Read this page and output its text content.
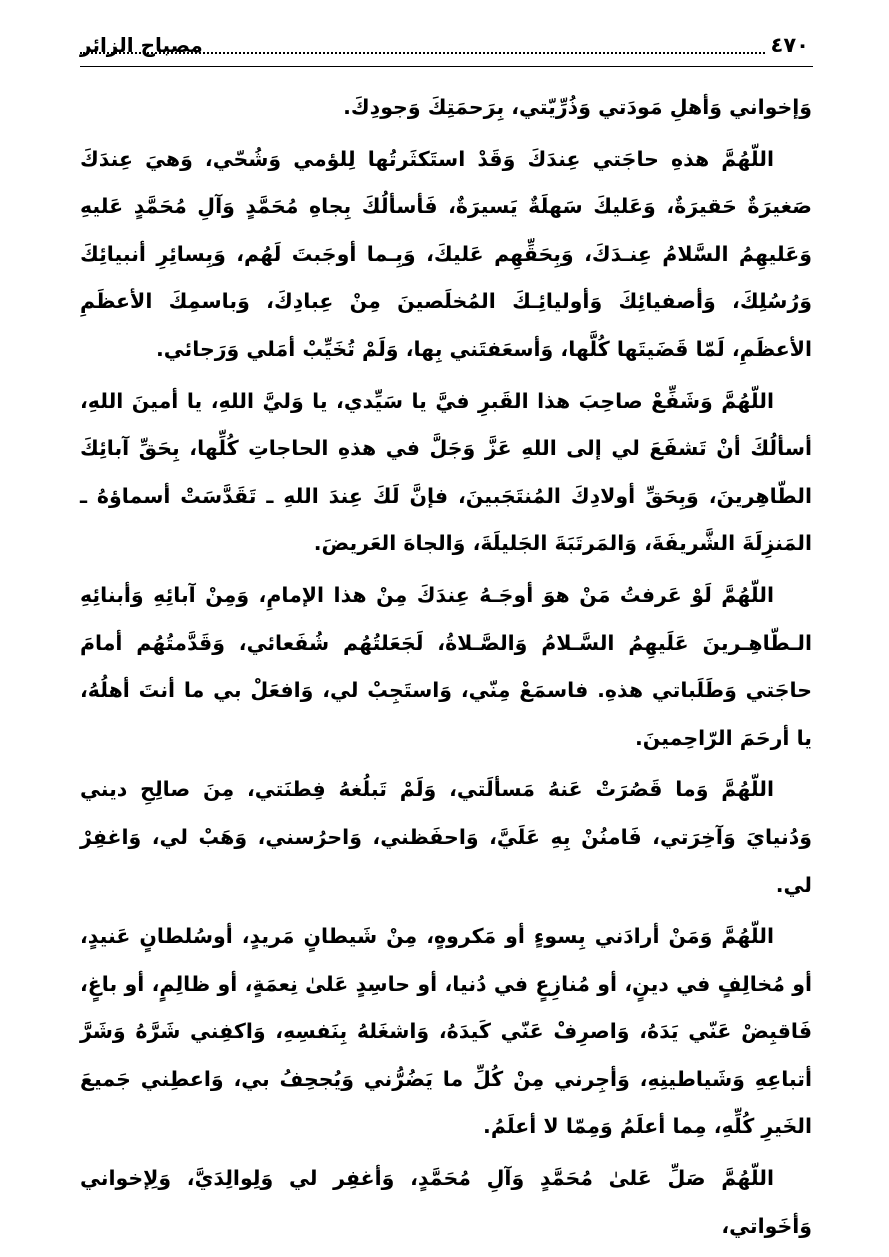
٤٧٠
مصباح الزائر

وَإخواني وَأهلِ مَودَتي وَذُرِّيّتي، بِرَحمَتِكَ وَجودِكَ.

اللّهُمَّ هذهِ حاجَتي عِندَكَ وَقَدْ استَكثَرتُها لِلؤمي وَشُحّي، وَهيَ عِندَكَ صَغيرَةٌ حَقيرَةٌ، وَعَليكَ سَهلَةٌ يَسيرَةٌ، فَأسألُكَ بِجاهِ مُحَمَّدٍ وَآلِ مُحَمَّدٍ عَليهِ وَعَليهِمُ السَّلامُ عِنـدَكَ، وَبِحَقِّهِم عَليكَ، وَبِـما أوجَبتَ لَهُم، وَبِسائِرِ أنبيائِكَ وَرُسُلِكَ، وَأصفيائِكَ وَأوليائِـكَ المُخلَصينَ مِنْ عِبادِكَ، وَباسمِكَ الأعظَمِ الأعظَمِ، لَمّا قَضَيتَها كُلَّها، وَأسعَفتَني بِها، وَلَمْ تُخَيِّبْ أمَلي وَرَجائي.

اللّهُمَّ وَشَفِّعْ صاحِبَ هذا القَبرِ فيَّ يا سَيِّدي، يا وَليَّ اللهِ، يا أمينَ اللهِ، أسألُكَ أنْ تَشفَعَ لي إلى اللهِ عَزَّ وَجَلَّ في هذهِ الحاجاتِ كُلِّها، بِحَقِّ آبائِكَ الطّاهِرينَ، وَبِحَقِّ أولادِكَ المُنتَجَبينَ، فإنَّ لَكَ عِندَ اللهِ ـ تَقَدَّسَتْ أسماؤهُ ـ المَنزِلَةَ الشَّريفَةَ، وَالمَرتَبَةَ الجَليلَةَ، وَالجاهَ العَريضَ.

اللّهُمَّ لَوْ عَرفتُ مَنْ هوَ أوجَـهُ عِندَكَ مِنْ هذا الإمامِ، وَمِنْ آبائِهِ وَأبنائِهِ الـطّاهِـرينَ عَلَيهِمُ السَّـلامُ وَالصَّـلاةُ، لَجَعَلتُهُم شُفَعائي، وَقَدَّمتُهُم أمامَ حاجَتي وَطَلَباتي هذهِ. فاسمَعْ مِنّي، وَاستَجِبْ لي، وَافعَلْ بي ما أنتَ أهلُهُ، يا أرحَمَ الرّاحِمينَ.

اللّهُمَّ وَما قَصُرَتْ عَنهُ مَسألَتي، وَلَمْ تَبلُغهُ فِطنَتي، مِنَ صالِحِ ديني وَدُنيايَ وَآخِرَتي، فَامنُنْ بِهِ عَلَيَّ، وَاحفَظني، وَاحرُسني، وَهَبْ لي، وَاغفِرْ لي.

اللّهُمَّ وَمَنْ أرادَني بِسوءٍ أو مَكروهٍ، مِنْ شَيطانٍ مَريدٍ، أوسُلطانٍ عَنيدٍ، أو مُخالِفٍ في دينٍ، أو مُنازِعٍ في دُنيا، أو حاسِدٍ عَلىٰ نِعمَةٍ، أو ظالِمٍ، أو باغٍ، فَاقبِضْ عَنّي يَدَهُ، وَاصرِفْ عَنّي كَيدَهُ، وَاشغَلهُ بِنَفسِهِ، وَاكفِني شَرَّهُ وَشَرَّ أتباعِهِ وَشَياطينِهِ، وَأجِرني مِنْ كُلِّ ما يَضُرُّني وَيُجحِفُ بي، وَاعطِني جَميعَ الخَيرِ كُلِّهِ، مِما أعلَمُ وَمِمّا لا أعلَمُ.

اللّهُمَّ صَلِّ عَلىٰ مُحَمَّدٍ وَآلِ مُحَمَّدٍ، وَأغفِر لي وَلِوالِدَيَّ، وَلِإخواني وَأخَواتي،
